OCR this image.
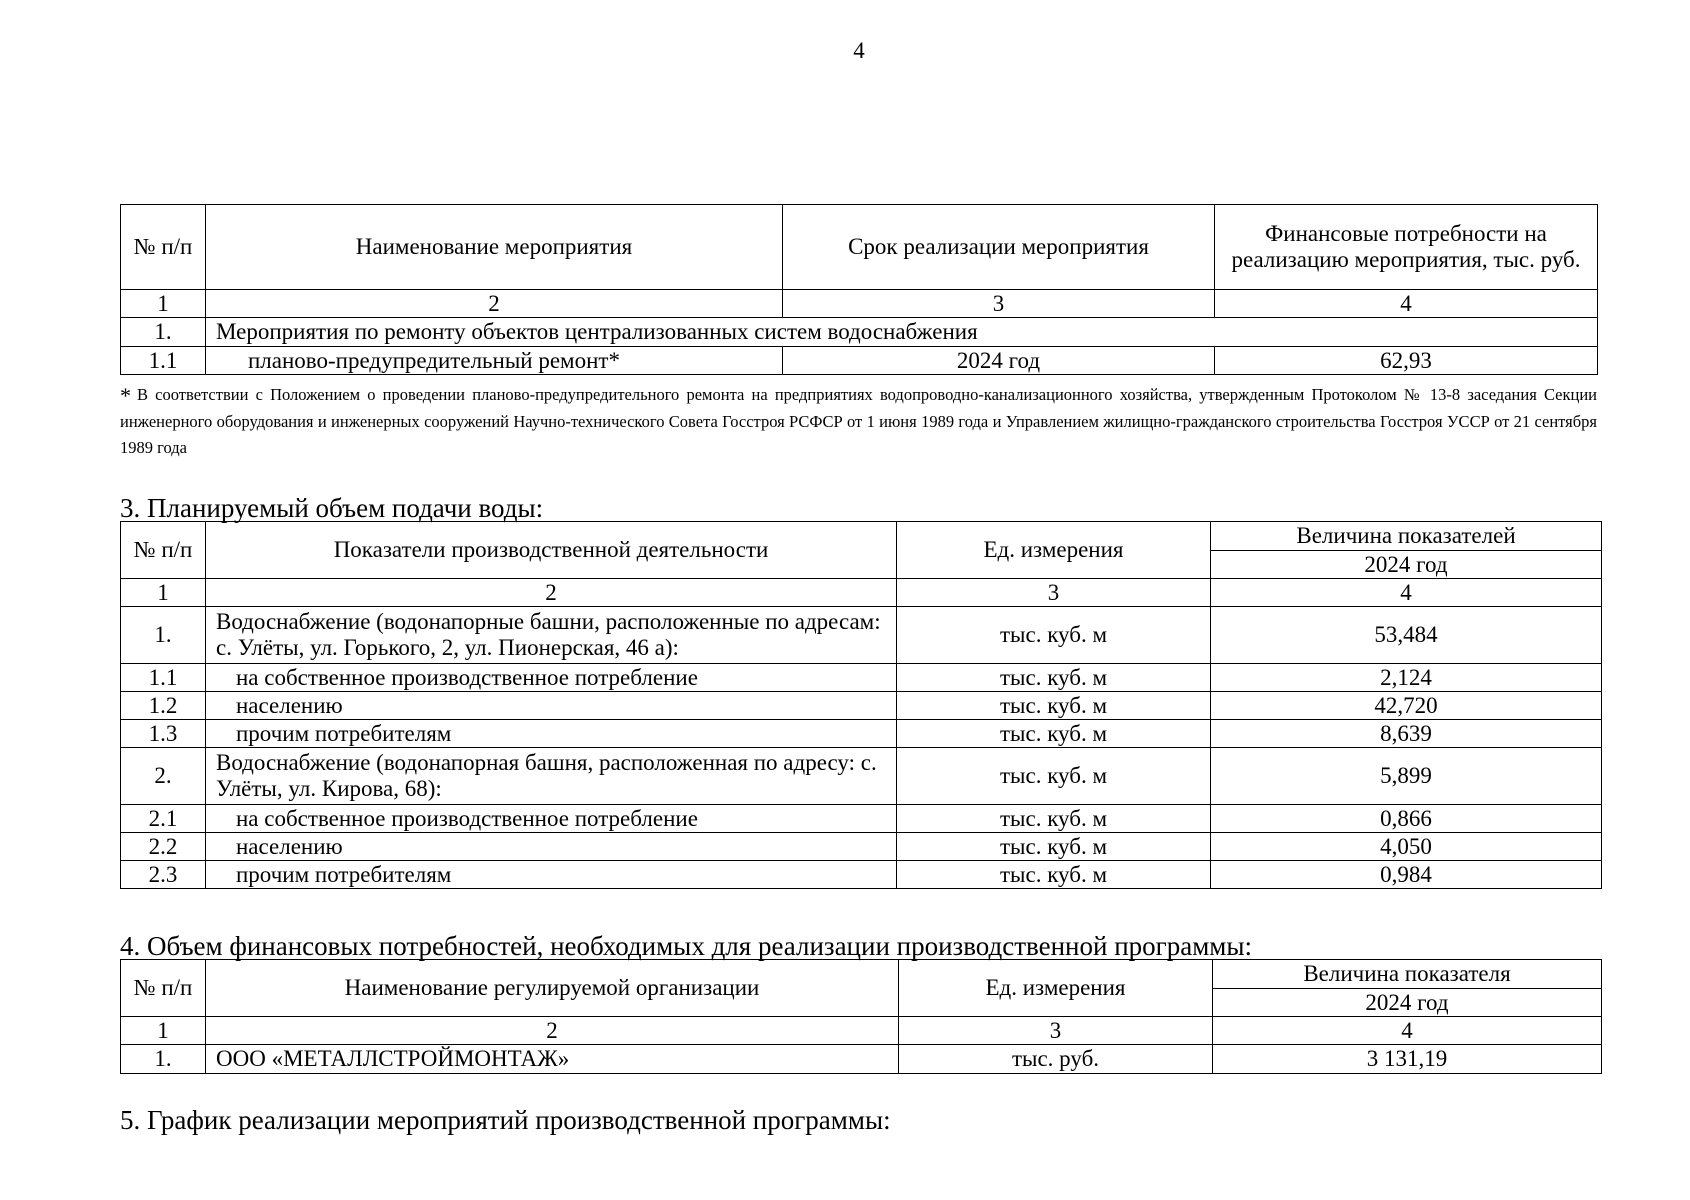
4
№ п/п	Наименование мероприятия	Срок реализации мероприятия	Финансовые потребности на реализацию мероприятия, тыс. руб.
1	2	3	4
1.	Мероприятия по ремонту объектов централизованных систем водоснабжения		
1.1	планово-предупредительный ремонт*	2024 год	62,93
* В соответствии с Положением о проведении планово-предупредительного ремонта на предприятиях водопроводно-канализационного хозяйства, утвержденным Протоколом № 13-8 заседания Секции инженерного оборудования и инженерных сооружений Научно-технического Совета Госстроя РСФСР от 1 июня 1989 года и Управлением жилищно-гражданского строительства Госстроя УССР от 21 сентября 1989 года
3. Планируемый объем подачи воды:
№ п/п	Показатели производственной деятельности	Ед. измерения	Величина показателей
			2024 год
1	2	3	4
1.	Водоснабжение (водонапорные башни, расположенные по адресам: с. Улёты, ул. Горького, 2, ул. Пионерская, 46 а):	тыс. куб. м	53,484
1.1	на собственное производственное потребление	тыс. куб. м	2,124
1.2	населению	тыс. куб. м	42,720
1.3	прочим потребителям	тыс. куб. м	8,639
2.	Водоснабжение (водонапорная башня, расположенная по адресу: с. Улёты, ул. Кирова, 68):	тыс. куб. м	5,899
2.1	на собственное производственное потребление	тыс. куб. м	0,866
2.2	населению	тыс. куб. м	4,050
2.3	прочим потребителям	тыс. куб. м	0,984
4. Объем финансовых потребностей, необходимых для реализации производственной программы:
№ п/п	Наименование регулируемой организации	Ед. измерения	Величина показателя
			2024 год
1	2	3	4
1.	ООО «МЕТАЛЛСТРОЙМОНТАЖ»	тыс. руб.	3 131,19
5. График реализации мероприятий производственной программы:
